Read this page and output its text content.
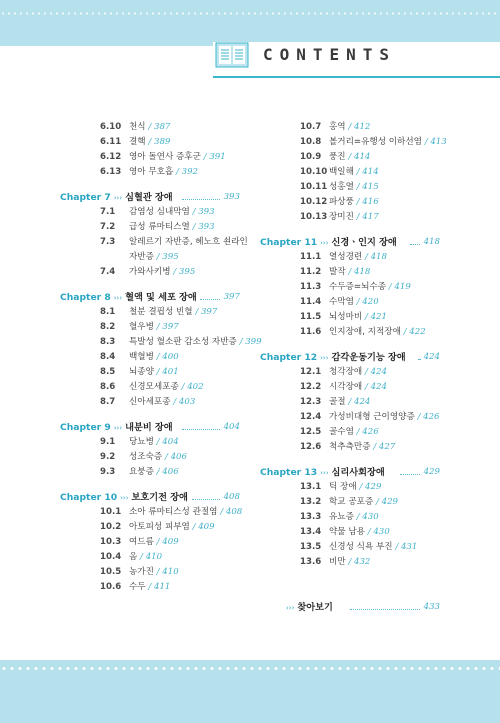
CONTENTS
6.10 천식 / 387
6.11 결핵 / 389
6.12 영아 돌연사 증후군 / 391
6.13 영아 무호흡 / 392
Chapter 7 ››› 심혈관 장애	393
7.1 감염성 심내막염 / 393
7.2 급성 류마티스열 / 393
7.3 알레르기 자반증, 헤노흐 쇤라인
자반증 / 395
7.4 가와사키병 / 395
Chapter 8 ››› 혈액 및 세포 장애	397
8.1 철분 결핍성 빈혈 / 397
8.2 혈우병 / 397
8.3 특발성 혈소판 감소성 자반증 / 399
8.4 백혈병 / 400
8.5 뇌종양 / 401
8.6 신경모세포종 / 402
8.7 신아세포종 / 403
Chapter 9 ››› 내분비 장애	404
9.1 당뇨병 / 404
9.2 성조숙증 / 406
9.3 요붕증 / 406
Chapter 10 ››› 보호기전 장애	408
10.1 소아 류마티스성 관절염 / 408
10.2 아토피성 피부염 / 409
10.3 여드름 / 409
10.4 옴 / 410
10.5 농가진 / 410
10.6 수두 / 411
10.7 홍역 / 412
10.8 볼거리=유행성 이하선염 / 413
10.9 풍진 / 414
10.10 백일해 / 414
10.11 성홍열 / 415
10.12 파상풍 / 416
10.13 장미진 / 417
Chapter 11 ››› 신경ㆍ인지 장애	418
11.1 열성경련 / 418
11.2 발작 / 418
11.3 수두증=뇌수종 / 419
11.4 수막염 / 420
11.5 뇌성마비 / 421
11.6 인지장애, 지적장애 / 422
Chapter 12 ››› 감각운동기능 장애 424
12.1 청각장애 / 424
12.2 시각장애 / 424
12.3 골절 / 424
12.4 가성비대형 근이영양증 / 426
12.5 골수염 / 426
12.6 척추측만증 / 427
Chapter 13 ››› 심리사회장애	429
13.1 틱 장애 / 429
13.2 학교 공포증 / 429
13.3 유뇨증 / 430
13.4 약물 남용 / 430
13.5 신경성 식욕 부진 / 431
13.6 비만 / 432
››› 찾아보기	433
